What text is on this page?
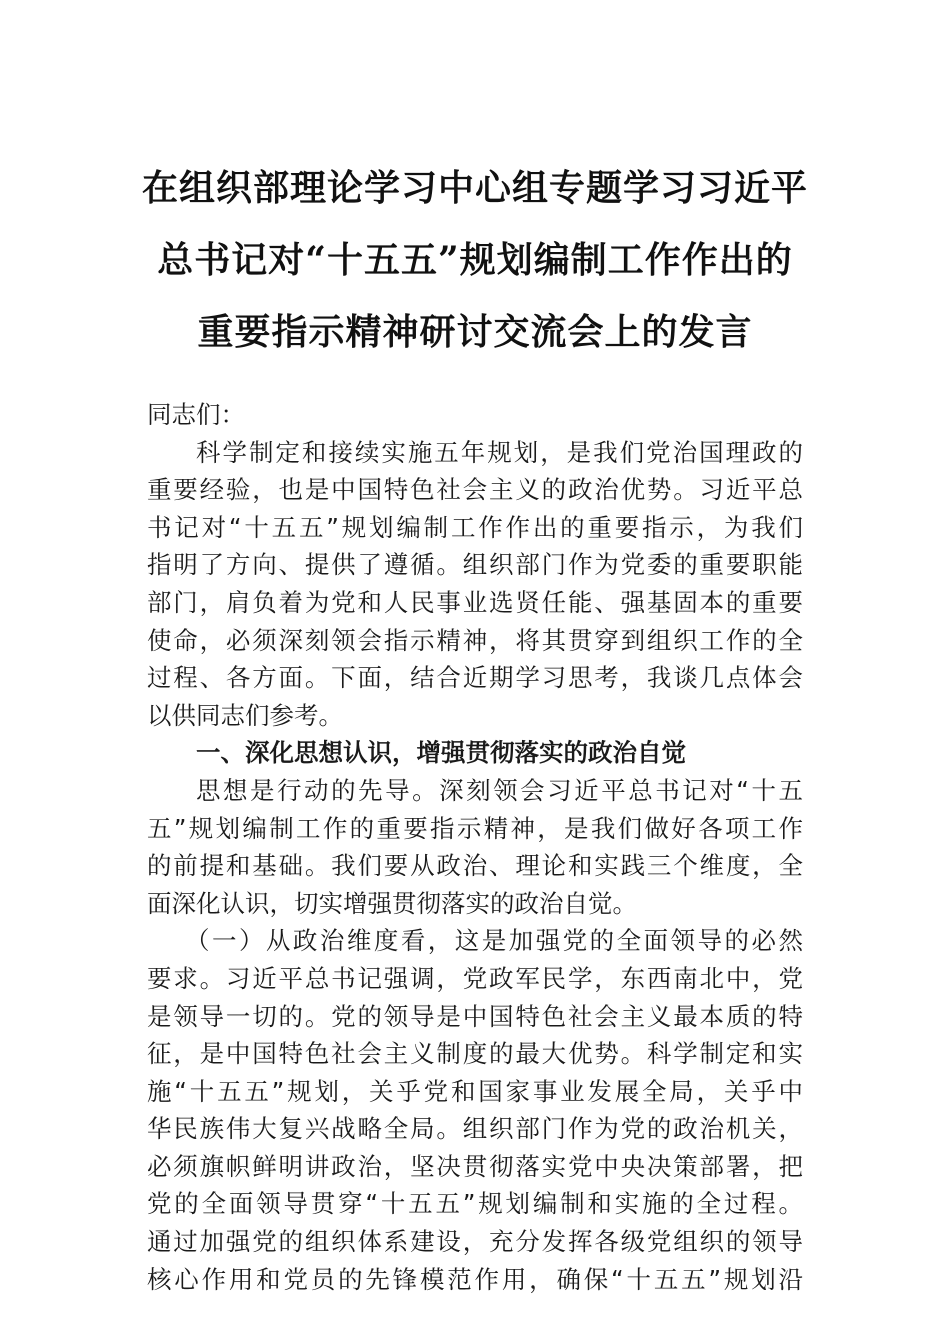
在组织部理论学习中心组专题学习习近平
总书记对“十五五”规划编制工作作出的
重要指示精神研讨交流会上的发言
同志们：
科学制定和接续实施五年规划，是我们党治国理政的
重要经验，也是中国特色社会主义的政治优势。习近平总
书记对“十五五”规划编制工作作出的重要指示，为我们
指明了方向、提供了遵循。组织部门作为党委的重要职能
部门，肩负着为党和人民事业选贤任能、强基固本的重要
使命，必须深刻领会指示精神，将其贯穿到组织工作的全
过程、各方面。下面，结合近期学习思考，我谈几点体会
以供同志们参考。
一、深化思想认识，增强贯彻落实的政治自觉
思想是行动的先导。深刻领会习近平总书记对“十五
五”规划编制工作的重要指示精神，是我们做好各项工作
的前提和基础。我们要从政治、理论和实践三个维度，全
面深化认识，切实增强贯彻落实的政治自觉。
（一）从政治维度看，这是加强党的全面领导的必然
要求。习近平总书记强调，党政军民学，东西南北中，党
是领导一切的。党的领导是中国特色社会主义最本质的特
征，是中国特色社会主义制度的最大优势。科学制定和实
施“十五五”规划，关乎党和国家事业发展全局，关乎中
华民族伟大复兴战略全局。组织部门作为党的政治机关，
必须旗帜鲜明讲政治，坚决贯彻落实党中央决策部署，把
党的全面领导贯穿“十五五”规划编制和实施的全过程。
通过加强党的组织体系建设，充分发挥各级党组织的领导
核心作用和党员的先锋模范作用，确保“十五五”规划沿
